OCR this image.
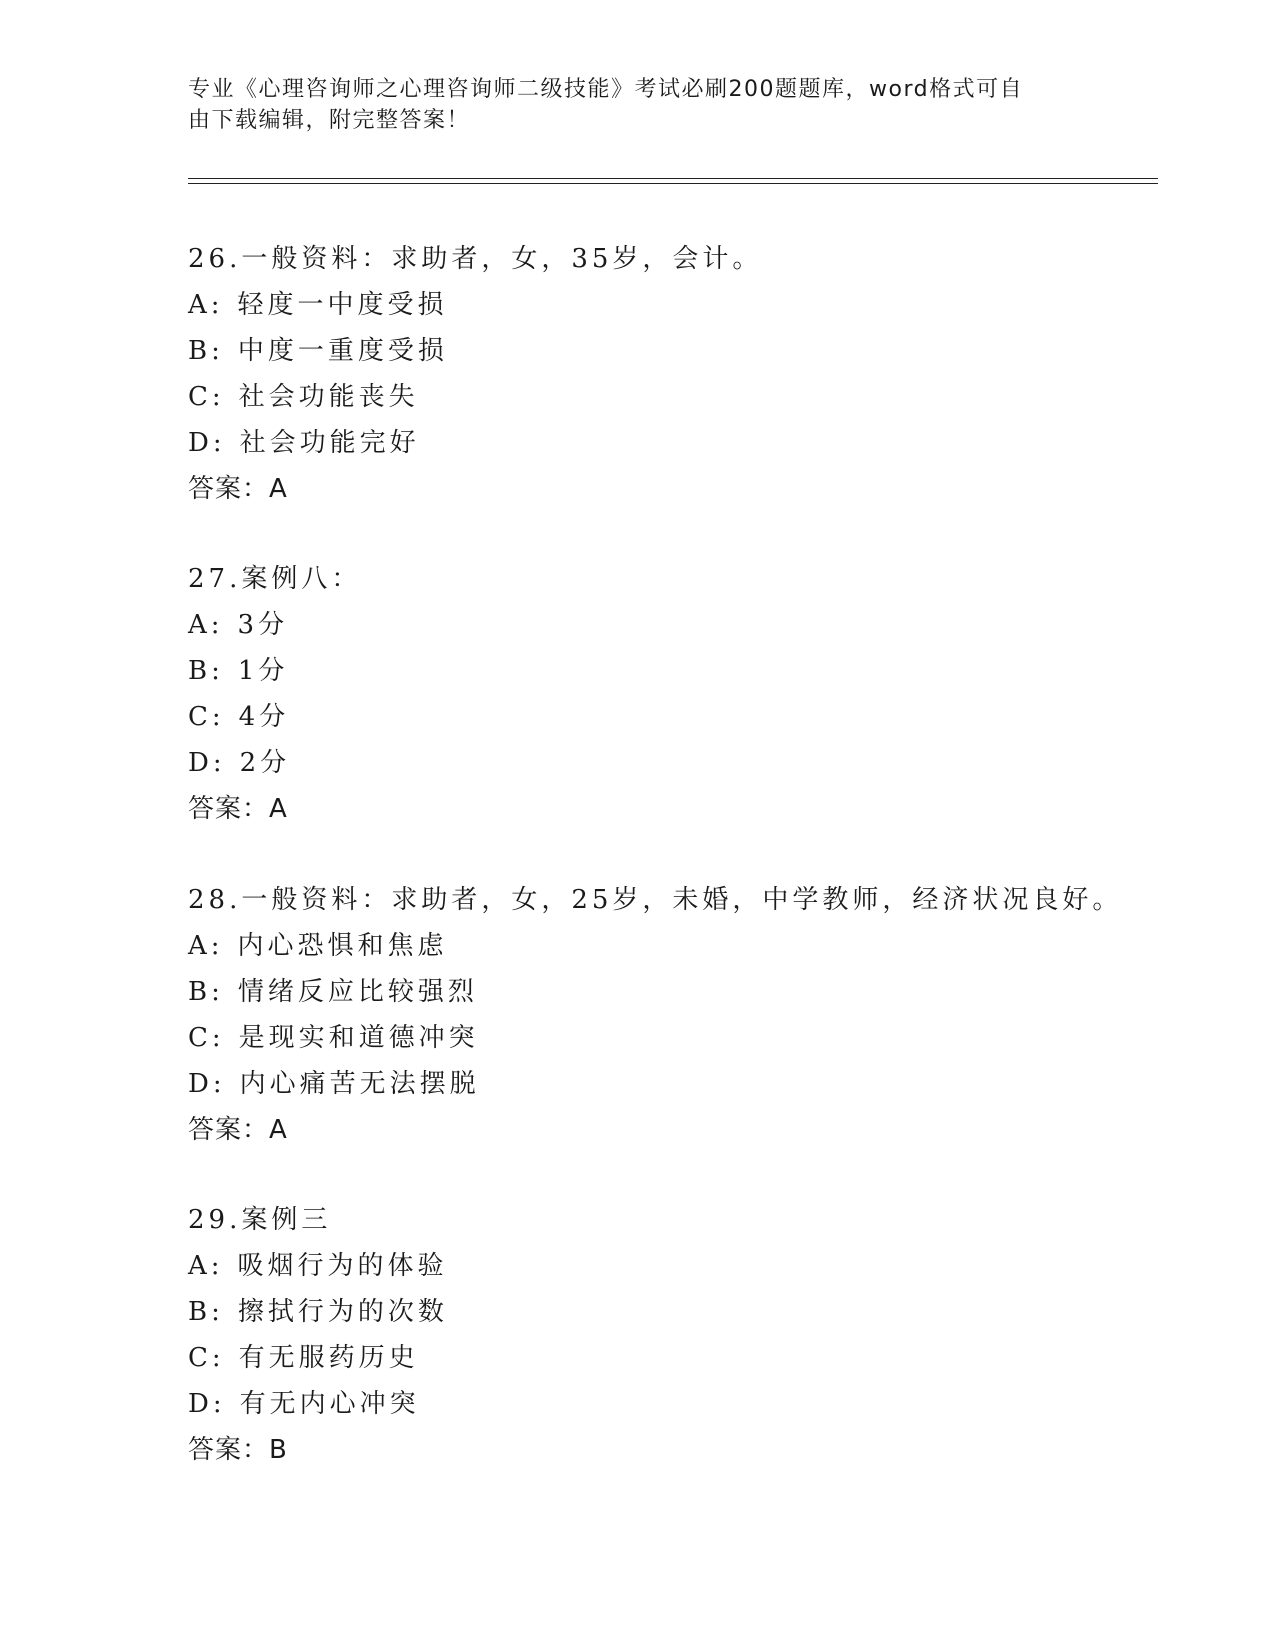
专业《心理咨询师之心理咨询师二级技能》考试必刷200题题库，word格式可自
由下载编辑，附完整答案！

26.一般资料：求助者，女，35岁，会计。
A: 轻度一中度受损
B: 中度一重度受损
C: 社会功能丧失
D: 社会功能完好
答案：A
27.案例八：
A: 3分
B: 1分
C: 4分
D: 2分
答案：A
28.一般资料：求助者，女，25岁，未婚，中学教师，经济状况良好。
A: 内心恐惧和焦虑
B: 情绪反应比较强烈
C: 是现实和道德冲突
D: 内心痛苦无法摆脱
答案：A
29.案例三
A: 吸烟行为的体验
B: 擦拭行为的次数
C: 有无服药历史
D: 有无内心冲突
答案：B
